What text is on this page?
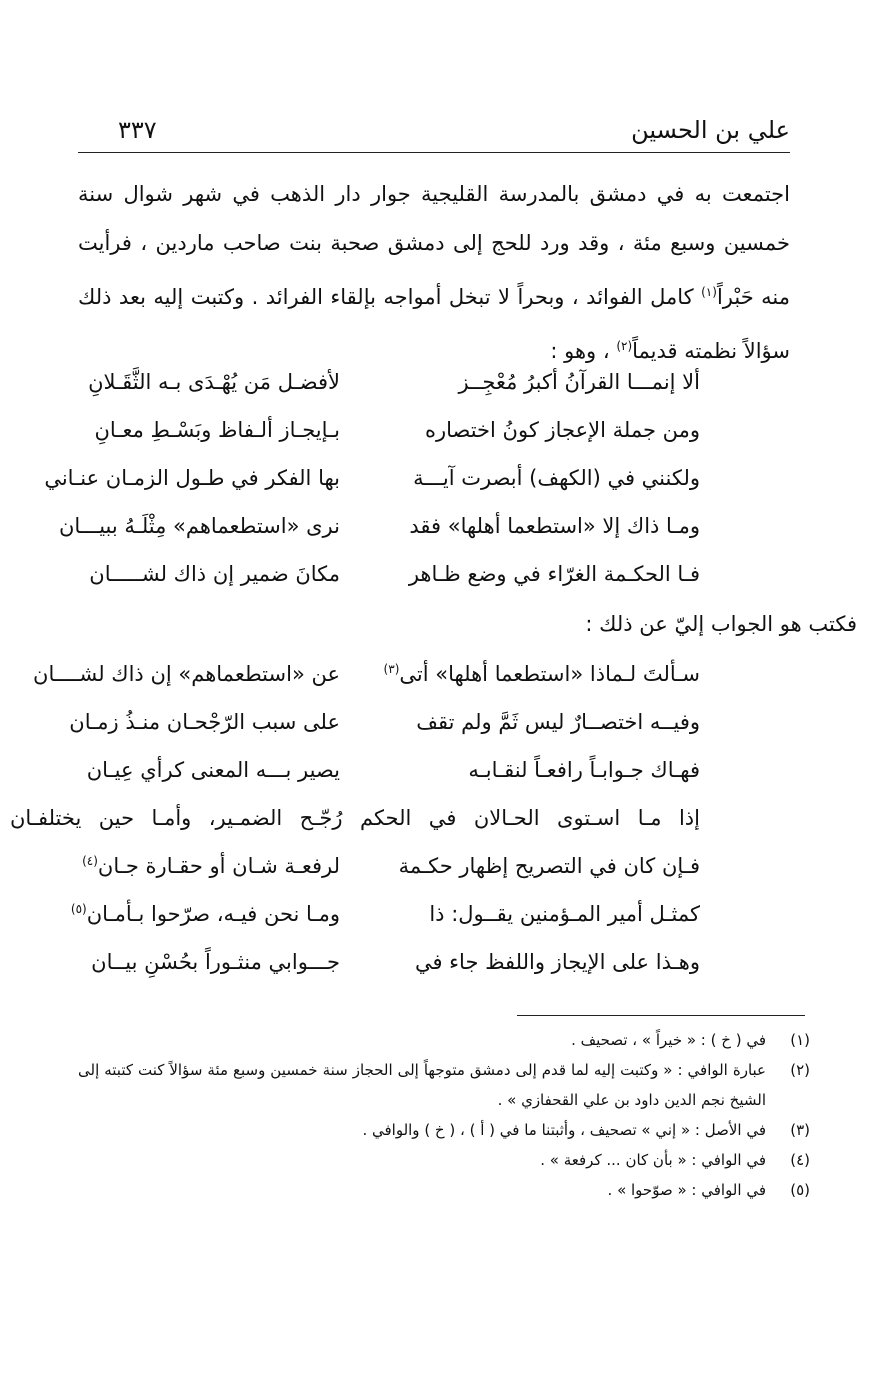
علي بن الحسين
٣٣٧

اجتمعت به في دمشق بالمدرسة القليجية جوار دار الذهب في شهر شوال سنة خمسين وسبع مئة ، وقد ورد للحج إلى دمشق صحبة بنت صاحب ماردين ، فرأيت منه حَبْراً$^{(١)}$ كامل الفوائد ، وبحراً لا تبخل أمواجه بإلقاء الفرائد . وكتبت إليه بعد ذلك سؤالاً نظمته قديماً$^{(٢)}$ ، وهو :

ألا إنمـــا القرآنُ أكبرُ مُعْجِــز
لأفضـل مَن يُهْـدَى بـه الثَّقَـلانِ
ومن جملة الإعجاز كونُ اختصاره
بـإيجـاز ألـفاظ وبَسْـطِ معـانِ
ولكنني في (الكهف) أبصرت آيـــة
بها الفكر في طـول الزمـان عنـاني
ومـا ذاك إلا «استطعما أهلها» فقد
نرى «استطعماهم» مِثْلَـهُ ببيـــان
فـا الحكـمة الغرّاء في وضع ظـاهر
مكانَ ضمير إن ذاك لشـــــان
فكتب هو الجواب إليّ عن ذلك :
سـألتَ لـماذا «استطعما أهلها» أتى$^{(٣)}$
عن «استطعماهم» إن ذاك لشــــان
وفيــه اختصــارٌ ليس ثَمَّ ولم تقف
على سبب الرّجْحـان منـذُ زمـان
فهـاك جـوابـاً رافعـاً لنقـابـه
يصير بـــه المعنى كرأي عِيـان
إذا مـا اسـتوى الحـالان في الحكم رُجّـح الضمـير، وأمـا حين يختلفـان
فـإن كان في التصريح إظهار حكـمة
لرفعـة شـان أو حقـارة جـان$^{(٤)}$
كمثـل أمير المـؤمنين يقــول: ذا
ومـا نحن فيـه، صرّحوا بـأمـان$^{(٥)}$
وهـذا على الإيجاز واللفظ جاء في
جـــوابي منثـوراً بحُسْنِ بيــان
(١)
في ( خ ) : « خيراً » ، تصحيف .
(٢)
عبارة الوافي : « وكتبت إليه لما قدم إلى دمشق متوجهاً إلى الحجاز سنة خمسين وسبع مئة سؤالاً كنت كتبته إلى الشيخ نجم الدين داود بن علي القحفازي » .
(٣)
في الأصل : « إني » تصحيف ، وأثبتنا ما في ( أ ) ، ( خ ) والوافي .
(٤)
في الوافي : « بأن كان ... كرفعة » .
(٥)
في الوافي : « صوّحوا » .
